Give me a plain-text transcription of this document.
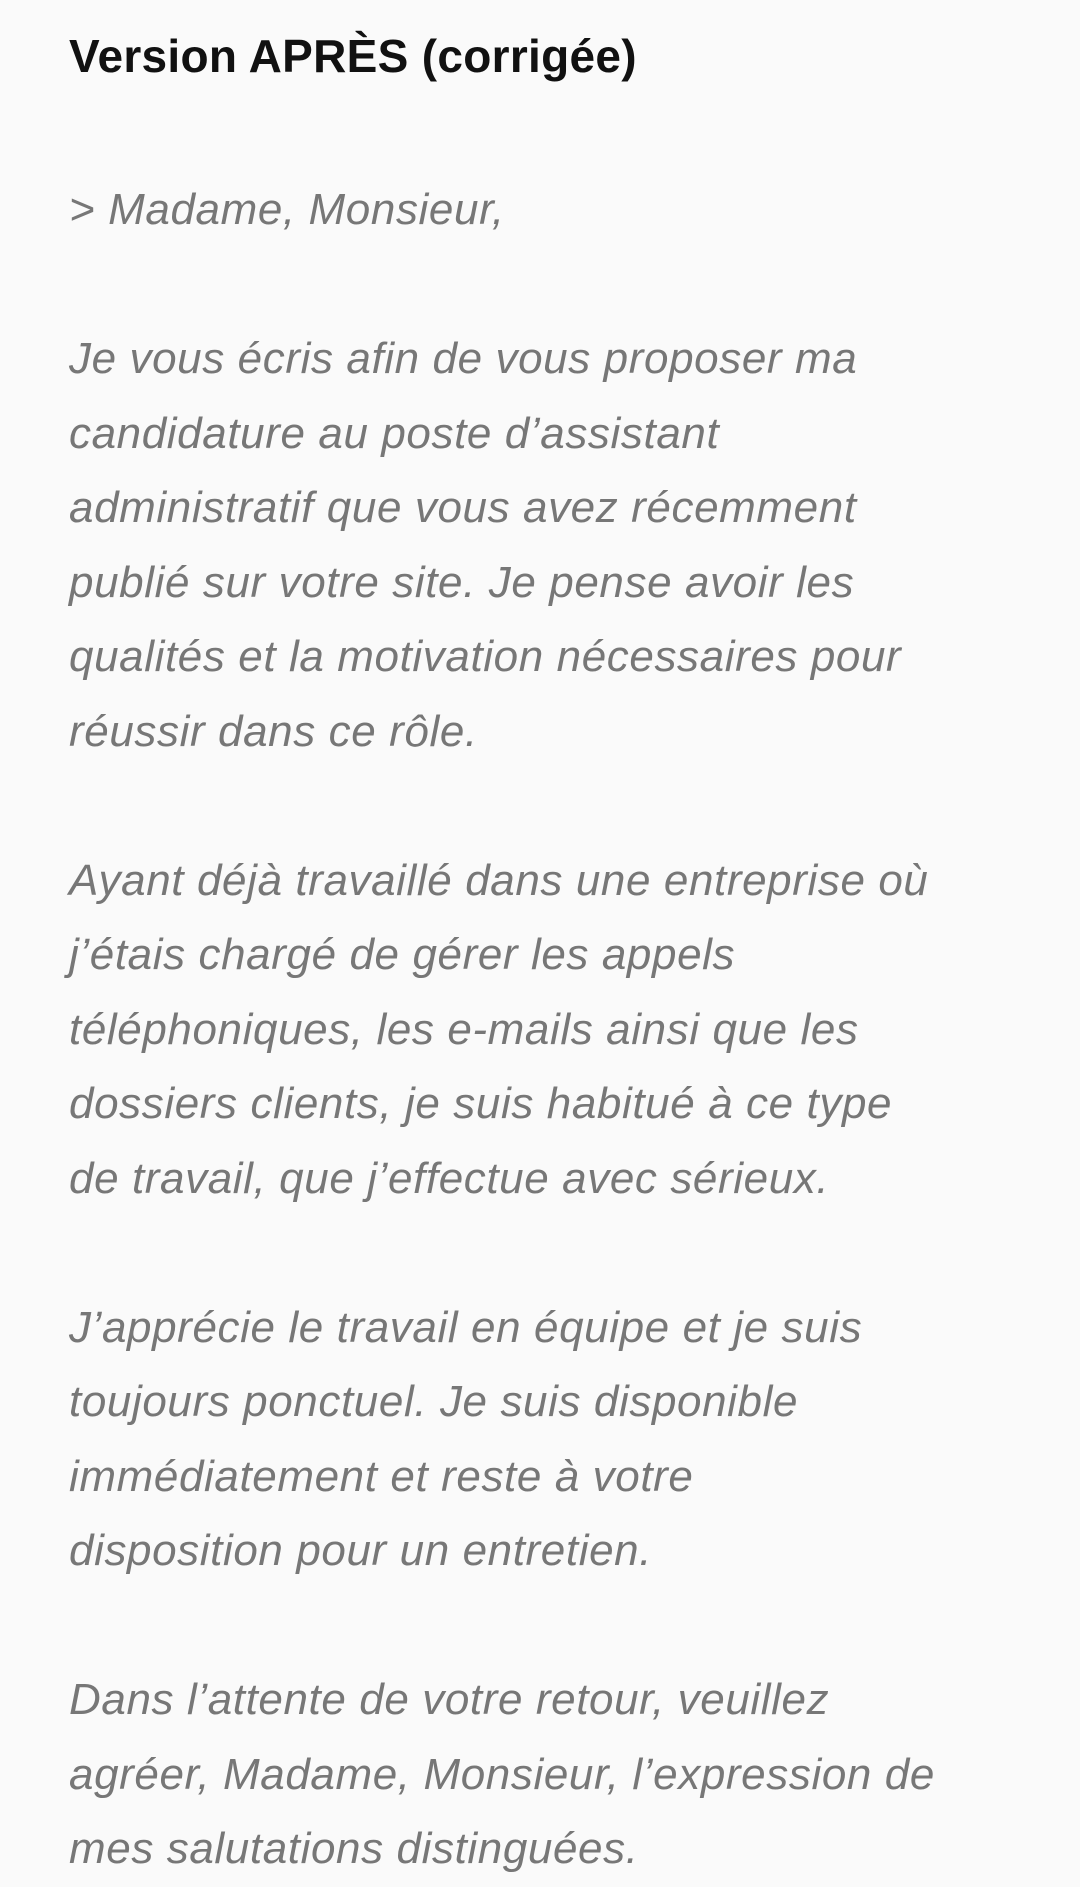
Version APRÈS (corrigée)

> Madame, Monsieur,

Je vous écris afin de vous proposer ma
candidature au poste d’assistant
administratif que vous avez récemment
publié sur votre site. Je pense avoir les
qualités et la motivation nécessaires pour
réussir dans ce rôle.

Ayant déjà travaillé dans une entreprise où
j’étais chargé de gérer les appels
téléphoniques, les e-mails ainsi que les
dossiers clients, je suis habitué à ce type
de travail, que j’effectue avec sérieux.

J’apprécie le travail en équipe et je suis
toujours ponctuel. Je suis disponible
immédiatement et reste à votre
disposition pour un entretien.

Dans l’attente de votre retour, veuillez
agréer, Madame, Monsieur, l’expression de
mes salutations distinguées.
